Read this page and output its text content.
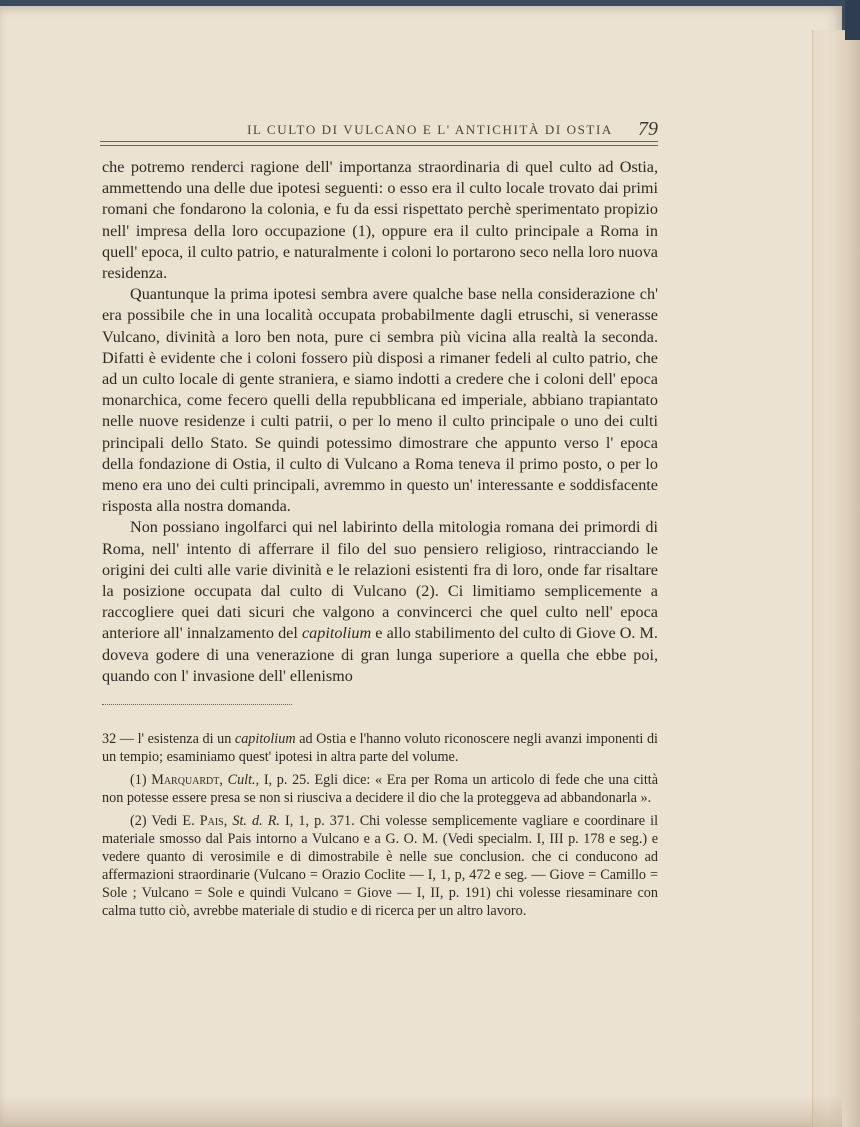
IL CULTO DI VULCANO E L' ANTICHITÀ DI OSTIA	79

che potremo renderci ragione dell' importanza straordinaria di quel culto ad Ostia, ammettendo una delle due ipotesi seguenti: o esso era il culto locale trovato dai primi romani che fondarono la colonia, e fu da essi rispettato perchè sperimentato propizio nell' impresa della loro occupazione (1), oppure era il culto principale a Roma in quell' epoca, il culto patrio, e naturalmente i coloni lo portarono seco nella loro nuova residenza.

Quantunque la prima ipotesi sembra avere qualche base nella considerazione ch' era possibile che in una località occupata probabilmente dagli etruschi, si venerasse Vulcano, divinità a loro ben nota, pure ci sembra più vicina alla realtà la seconda. Difatti è evidente che i coloni fossero più disposi a rimaner fedeli al culto patrio, che ad un culto locale di gente straniera, e siamo indotti a credere che i coloni dell' epoca monarchica, come fecero quelli della repubblicana ed imperiale, abbiano trapiantato nelle nuove residenze i culti patrii, o per lo meno il culto principale o uno dei culti principali dello Stato. Se quindi potessimo dimostrare che appunto verso l' epoca della fondazione di Ostia, il culto di Vulcano a Roma teneva il primo posto, o per lo meno era uno dei culti principali, avremmo in questo un' interessante e soddisfacente risposta alla nostra domanda.

Non possiano ingolfarci qui nel labirinto della mitologia romana dei primordi di Roma, nell' intento di afferrare il filo del suo pensiero religioso, rintracciando le origini dei culti alle varie divinità e le relazioni esistenti fra di loro, onde far risaltare la posizione occupata dal culto di Vulcano (2). Ci limitiamo semplicemente a raccogliere quei dati sicuri che valgono a convincerci che quel culto nell' epoca anteriore all' innalzamento del capitolium e allo stabilimento del culto di Giove O. M. doveva godere di una venerazione di gran lunga superiore a quella che ebbe poi, quando con l' invasione dell' ellenismo

32 — l' esistenza di un capitolium ad Ostia e l'hanno voluto riconoscere negli avanzi imponenti di un tempio; esaminiamo quest' ipotesi in altra parte del volume.

(1) Marquardt, Cult., I, p. 25. Egli dice: « Era per Roma un articolo di fede che una città non potesse essere presa se non si riusciva a decidere il dio che la proteggeva ad abbandonarla ».

(2) Vedi E. Pais, St. d. R. I, 1, p. 371. Chi volesse semplicemente vagliare e coordinare il materiale smosso dal Pais intorno a Vulcano e a G. O. M. (Vedi specialm. I, III p. 178 e seg.) e vedere quanto di verosimile e di dimostrabile è nelle sue conclusion. che ci conducono ad affermazioni straordinarie (Vulcano = Orazio Coclite — I, 1, p, 472 e seg. — Giove = Camillo = Sole ; Vulcano = Sole e quindi Vulcano = Giove — I, II, p. 191) chi volesse riesaminare con calma tutto ciò, avrebbe materiale di studio e di ricerca per un altro lavoro.
